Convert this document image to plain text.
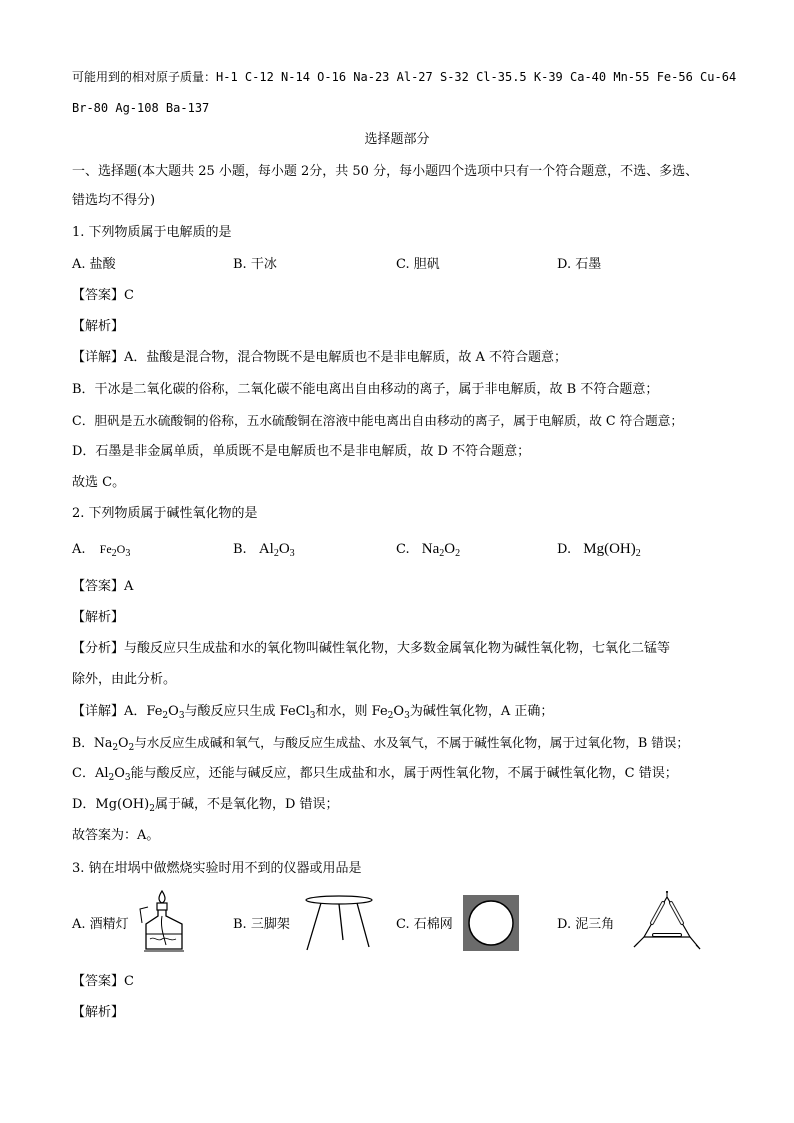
可能用到的相对原子质量：H-1 C-12 N-14 O-16 Na-23 Al-27 S-32 Cl-35.5 K-39 Ca-40 Mn-55 Fe-56 Cu-64
Br-80 Ag-108 Ba-137
选择题部分
一、选择题(本大题共 25 小题，每小题 2分，共 50 分，每小题四个选项中只有一个符合题意，不选、多选、
错选均不得分)
1. 下列物质属于电解质的是
A. 盐酸	B. 干冰	C. 胆矾	D. 石墨
【答案】C
【解析】
【详解】A．盐酸是混合物，混合物既不是电解质也不是非电解质，故 A 不符合题意；
B．干冰是二氧化碳的俗称，二氧化碳不能电离出自由移动的离子，属于非电解质，故 B 不符合题意；
C．胆矾是五水硫酸铜的俗称，五水硫酸铜在溶液中能电离出自由移动的离子，属于电解质，故 C 符合题意；
D．石墨是非金属单质，单质既不是电解质也不是非电解质，故 D 不符合题意；
故选 C。
2. 下列物质属于碱性氧化物的是
A. $Fe_2O_3$	B. $Al_2O_3$	C. $Na_2O_2$	D. $Mg(OH)_2$
【答案】A
【解析】
【分析】与酸反应只生成盐和水的氧化物叫碱性氧化物，大多数金属氧化物为碱性氧化物，七氧化二锰等
除外，由此分析。
【详解】A．$Fe_2O_3$与酸反应只生成 FeCl$_3$和水，则 $Fe_2O_3$为碱性氧化物，A 正确；
B．$Na_2O_2$与水反应生成碱和氧气，与酸反应生成盐、水及氧气，不属于碱性氧化物，属于过氧化物，B 错误；
C．$Al_2O_3$能与酸反应，还能与碱反应，都只生成盐和水，属于两性氧化物，不属于碱性氧化物，C 错误；
D．$Mg(OH)_2$属于碱，不是氧化物，D 错误；
故答案为：A。
3. 钠在坩埚中做燃烧实验时用不到的仪器或用品是
A. 酒精灯	B. 三脚架	C. 石棉网	D. 泥三角
【答案】C
【解析】
